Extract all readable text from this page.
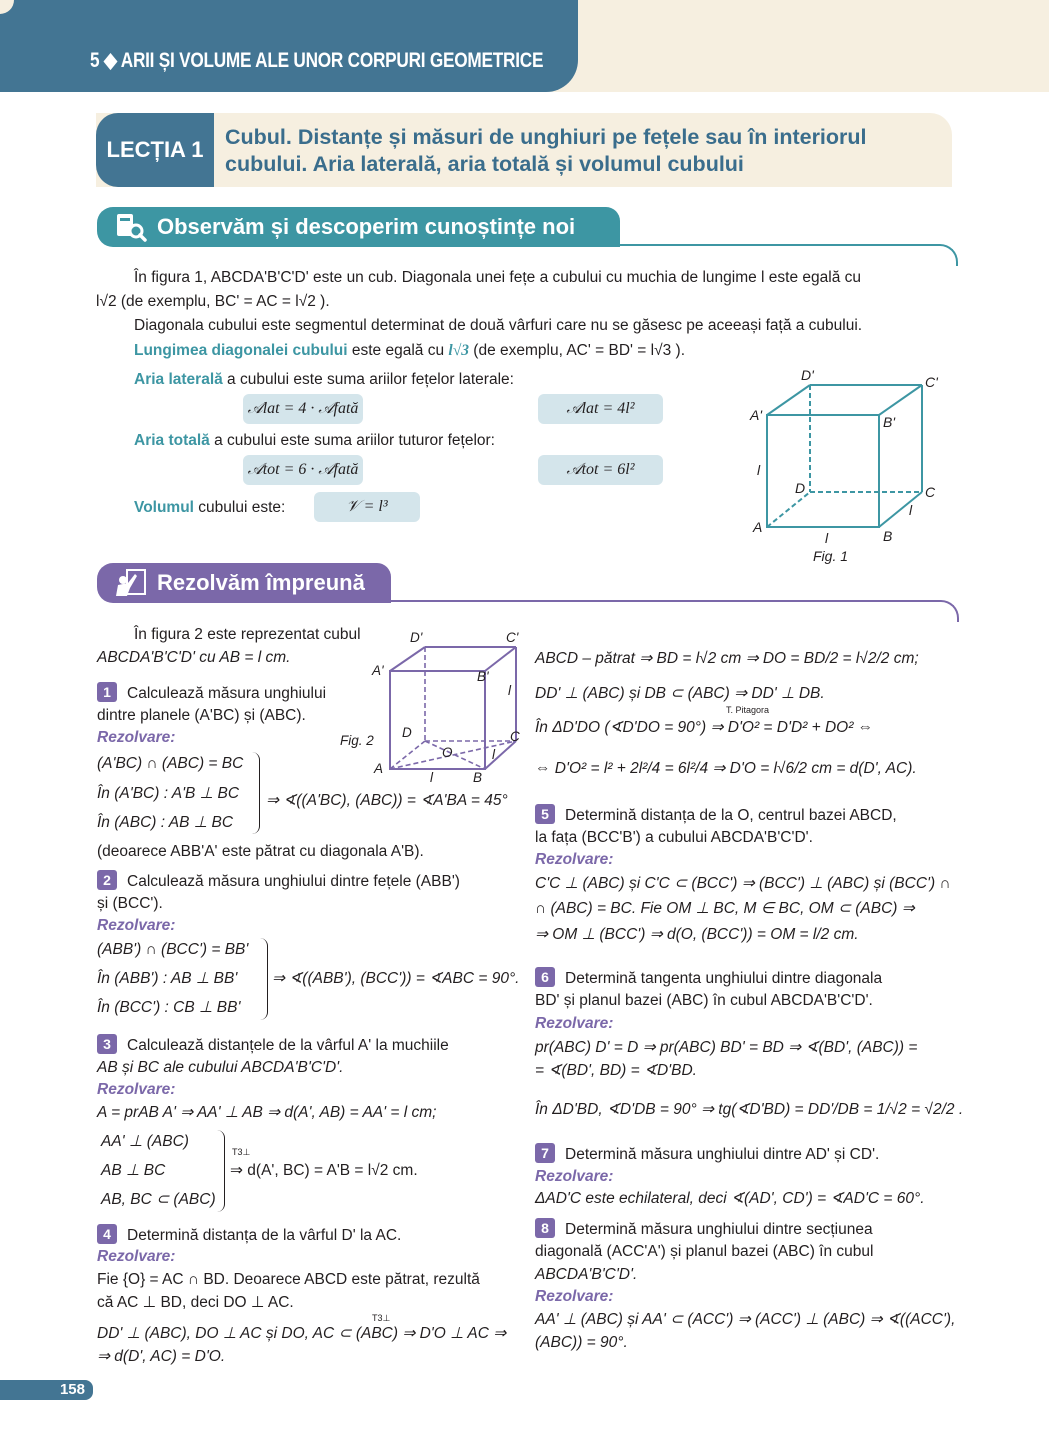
5 ◆ ARII ȘI VOLUME ALE UNOR CORPURI GEOMETRICE
LECȚIA 1	Cubul. Distanțe și măsuri de unghiuri pe fețele sau în interiorul
cubului. Aria laterală, aria totală și volumul cubului
Observăm și descoperim cunoștințe noi
În figura 1, ABCDA'B'C'D' este un cub. Diagonala unei fețe a cubului cu muchia de lungime l este egală cu
l√2 (de exemplu, BC' = AC = l√2 ).
Diagonala cubului este segmentul determinat de două vârfuri care nu se găsesc pe aceeași față a cubului.
Lungimea diagonalei cubului este egală cu l√3 (de exemplu, AC' = BD' = l√3 ).
Aria laterală a cubului este suma ariilor fețelor laterale:
𝒜lat = 4 · 𝒜fată	𝒜lat = 4l²
Aria totală a cubului este suma ariilor tuturor fețelor:
𝒜tot = 6 · 𝒜fată	𝒜tot = 6l²
Volumul cubului este:	𝒱 = l³
D'	C'
A'	B'
l
D	C
l
A
l	B
Fig. 1
Rezolvăm împreună
În figura 2 este reprezentat cubul
ABCDA'B'C'D' cu AB = l cm.
1 Calculează măsura unghiului
dintre planele (A'BC) și (ABC).
Rezolvare:
(A'BC) ∩ (ABC) = BC
În (A'BC) : A'B ⊥ BC
În (ABC) : AB ⊥ BC
⇒ ∢((A'BC), (ABC)) = ∢A'BA = 45°
(deoarece ABB'A' este pătrat cu diagonala A'B).
D'	C'
A'	B'
l
Fig. 2
D	C
O	l
A
l	B
2 Calculează măsura unghiului dintre fețele (ABB')
și (BCC').
Rezolvare:
(ABB') ∩ (BCC') = BB'
În (ABB') : AB ⊥ BB'
În (BCC') : CB ⊥ BB'
⇒ ∢((ABB'), (BCC')) = ∢ABC = 90°.
3 Calculează distanțele de la vârful A' la muchiile
AB și BC ale cubului ABCDA'B'C'D'.
Rezolvare:
A = prAB A' ⇒ AA' ⊥ AB ⇒ d(A', AB) = AA' = l cm;
AA' ⊥ (ABC)
AB ⊥ BC
AB, BC ⊂ (ABC)
T3⊥
⇒ d(A', BC) = A'B = l√2 cm.
4 Determină distanța de la vârful D' la AC.
Rezolvare:
Fie {O} = AC ∩ BD. Deoarece ABCD este pătrat, rezultă
că AC ⊥ BD, deci DO ⊥ AC.
T3⊥
DD' ⊥ (ABC), DO ⊥ AC și DO, AC ⊂ (ABC) ⇒ D'O ⊥ AC ⇒
⇒ d(D', AC) = D'O.
ABCD – pătrat ⇒ BD = l√2 cm ⇒ DO = BD/2 = l√2/2 cm;
DD' ⊥ (ABC) și DB ⊂ (ABC) ⇒ DD' ⊥ DB.
T. Pitagora
În ΔD'DO (∢D'DO = 90°) ⇒ D'O² = D'D² + DO² ⇔
⇔ D'O² = l² + 2l²/4 = 6l²/4 ⇒ D'O = l√6/2 cm = d(D', AC).
5 Determină distanța de la O, centrul bazei ABCD,
la fața (BCC'B') a cubului ABCDA'B'C'D'.
Rezolvare:
C'C ⊥ (ABC) și C'C ⊂ (BCC') ⇒ (BCC') ⊥ (ABC) și (BCC') ∩
∩ (ABC) = BC. Fie OM ⊥ BC, M ∈ BC, OM ⊂ (ABC) ⇒
⇒ OM ⊥ (BCC') ⇒ d(O, (BCC')) = OM = l/2 cm.
6 Determină tangenta unghiului dintre diagonala
BD' și planul bazei (ABC) în cubul ABCDA'B'C'D'.
Rezolvare:
pr(ABC) D' = D ⇒ pr(ABC) BD' = BD ⇒ ∢(BD', (ABC)) =
= ∢(BD', BD) = ∢D'BD.
În ΔD'BD, ∢D'DB = 90° ⇒ tg(∢D'BD) = DD'/DB = 1/√2 = √2/2 .
7 Determină măsura unghiului dintre AD' și CD'.
Rezolvare:
ΔAD'C este echilateral, deci ∢(AD', CD') = ∢AD'C = 60°.
8 Determină măsura unghiului dintre secțiunea
diagonală (ACC'A') și planul bazei (ABC) în cubul
ABCDA'B'C'D'.
Rezolvare:
AA' ⊥ (ABC) și AA' ⊂ (ACC') ⇒ (ACC') ⊥ (ABC) ⇒ ∢((ACC'),
(ABC)) = 90°.
158
